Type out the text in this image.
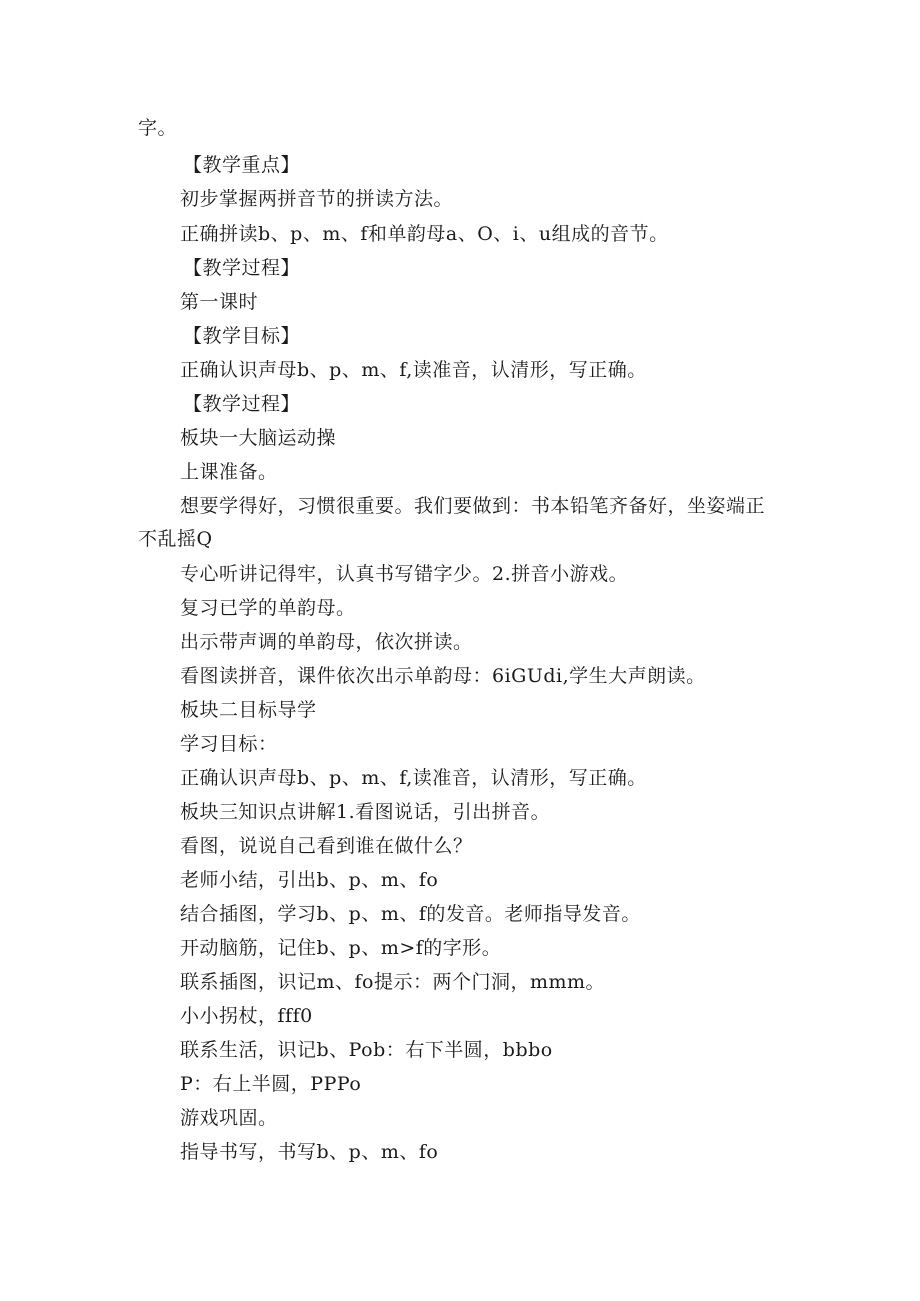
字。
【教学重点】
初步掌握两拼音节的拼读方法。
正确拼读b、p、m、f和单韵母a、O、i、u组成的音节。
【教学过程】
第一课时
【教学目标】
正确认识声母b、p、m、f,读准音，认清形，写正确。
【教学过程】
板块一大脑运动操
上课准备。
想要学得好，习惯很重要。我们要做到：书本铅笔齐备好，坐姿端正
不乱摇Q
专心听讲记得牢，认真书写错字少。2.拼音小游戏。
复习已学的单韵母。
出示带声调的单韵母，依次拼读。
看图读拼音，课件依次出示单韵母：6iGUdi,学生大声朗读。
板块二目标导学
学习目标：
正确认识声母b、p、m、f,读准音，认清形，写正确。
板块三知识点讲解1.看图说话，引出拼音。
看图，说说自己看到谁在做什么？
老师小结，引出b、p、m、fo
结合插图，学习b、p、m、f的发音。老师指导发音。
开动脑筋，记住b、p、m>f的字形。
联系插图，识记m、fo提示：两个门洞，mmm。
小小拐杖，fff0
联系生活，识记b、Pob：右下半圆，bbbo
P：右上半圆，PPPo
游戏巩固。
指导书写，书写b、p、m、fo
